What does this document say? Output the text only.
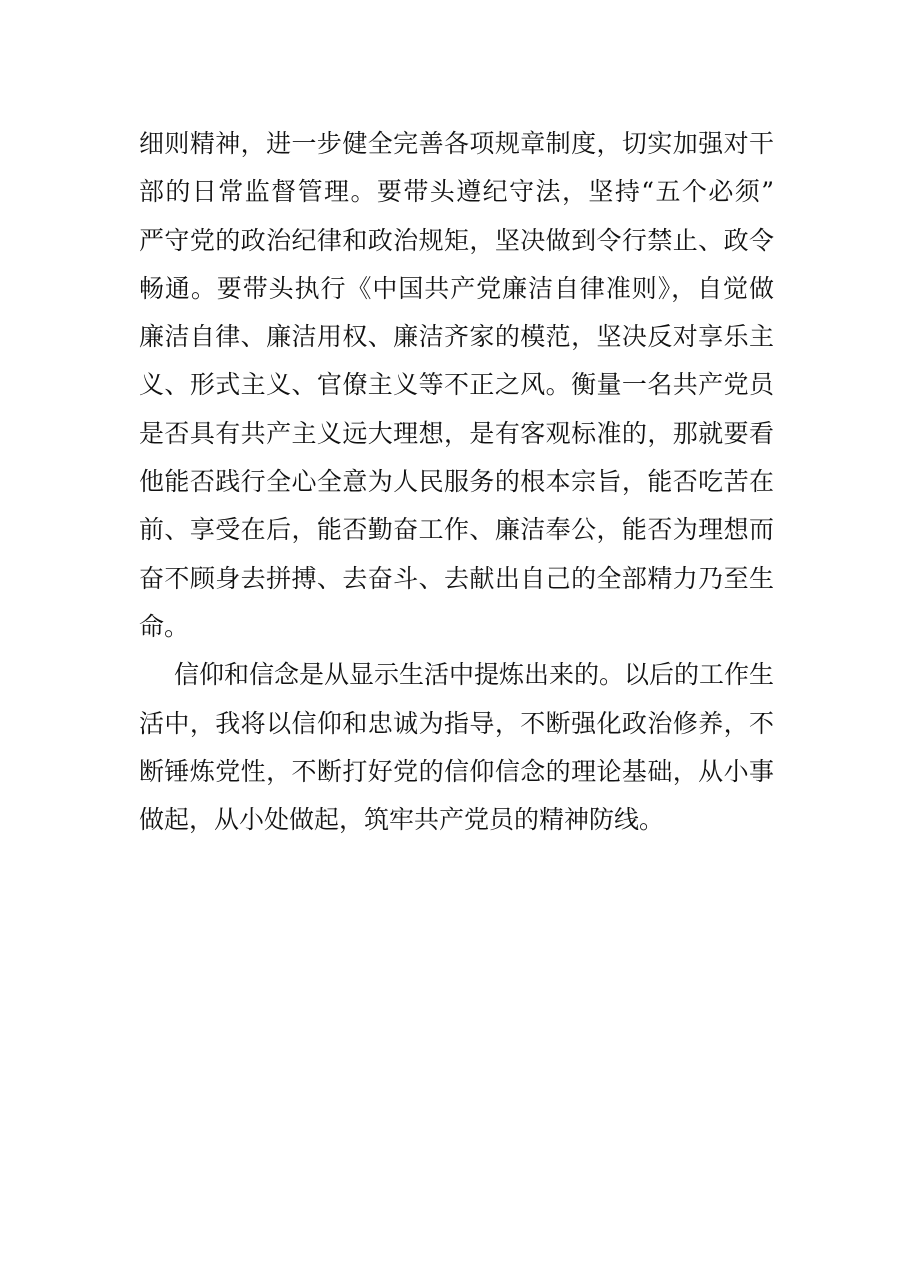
细则精神，进一步健全完善各项规章制度，切实加强对干
部的日常监督管理。要带头遵纪守法，坚持“五个必须”
严守党的政治纪律和政治规矩，坚决做到令行禁止、政令
畅通。要带头执行《中国共产党廉洁自律准则》，自觉做
廉洁自律、廉洁用权、廉洁齐家的模范，坚决反对享乐主
义、形式主义、官僚主义等不正之风。衡量一名共产党员
是否具有共产主义远大理想，是有客观标准的，那就要看
他能否践行全心全意为人民服务的根本宗旨，能否吃苦在
前、享受在后，能否勤奋工作、廉洁奉公，能否为理想而
奋不顾身去拼搏、去奋斗、去献出自己的全部精力乃至生
命。
信仰和信念是从显示生活中提炼出来的。以后的工作生
活中，我将以信仰和忠诚为指导，不断强化政治修养，不
断锤炼党性，不断打好党的信仰信念的理论基础，从小事
做起，从小处做起，筑牢共产党员的精神防线。
